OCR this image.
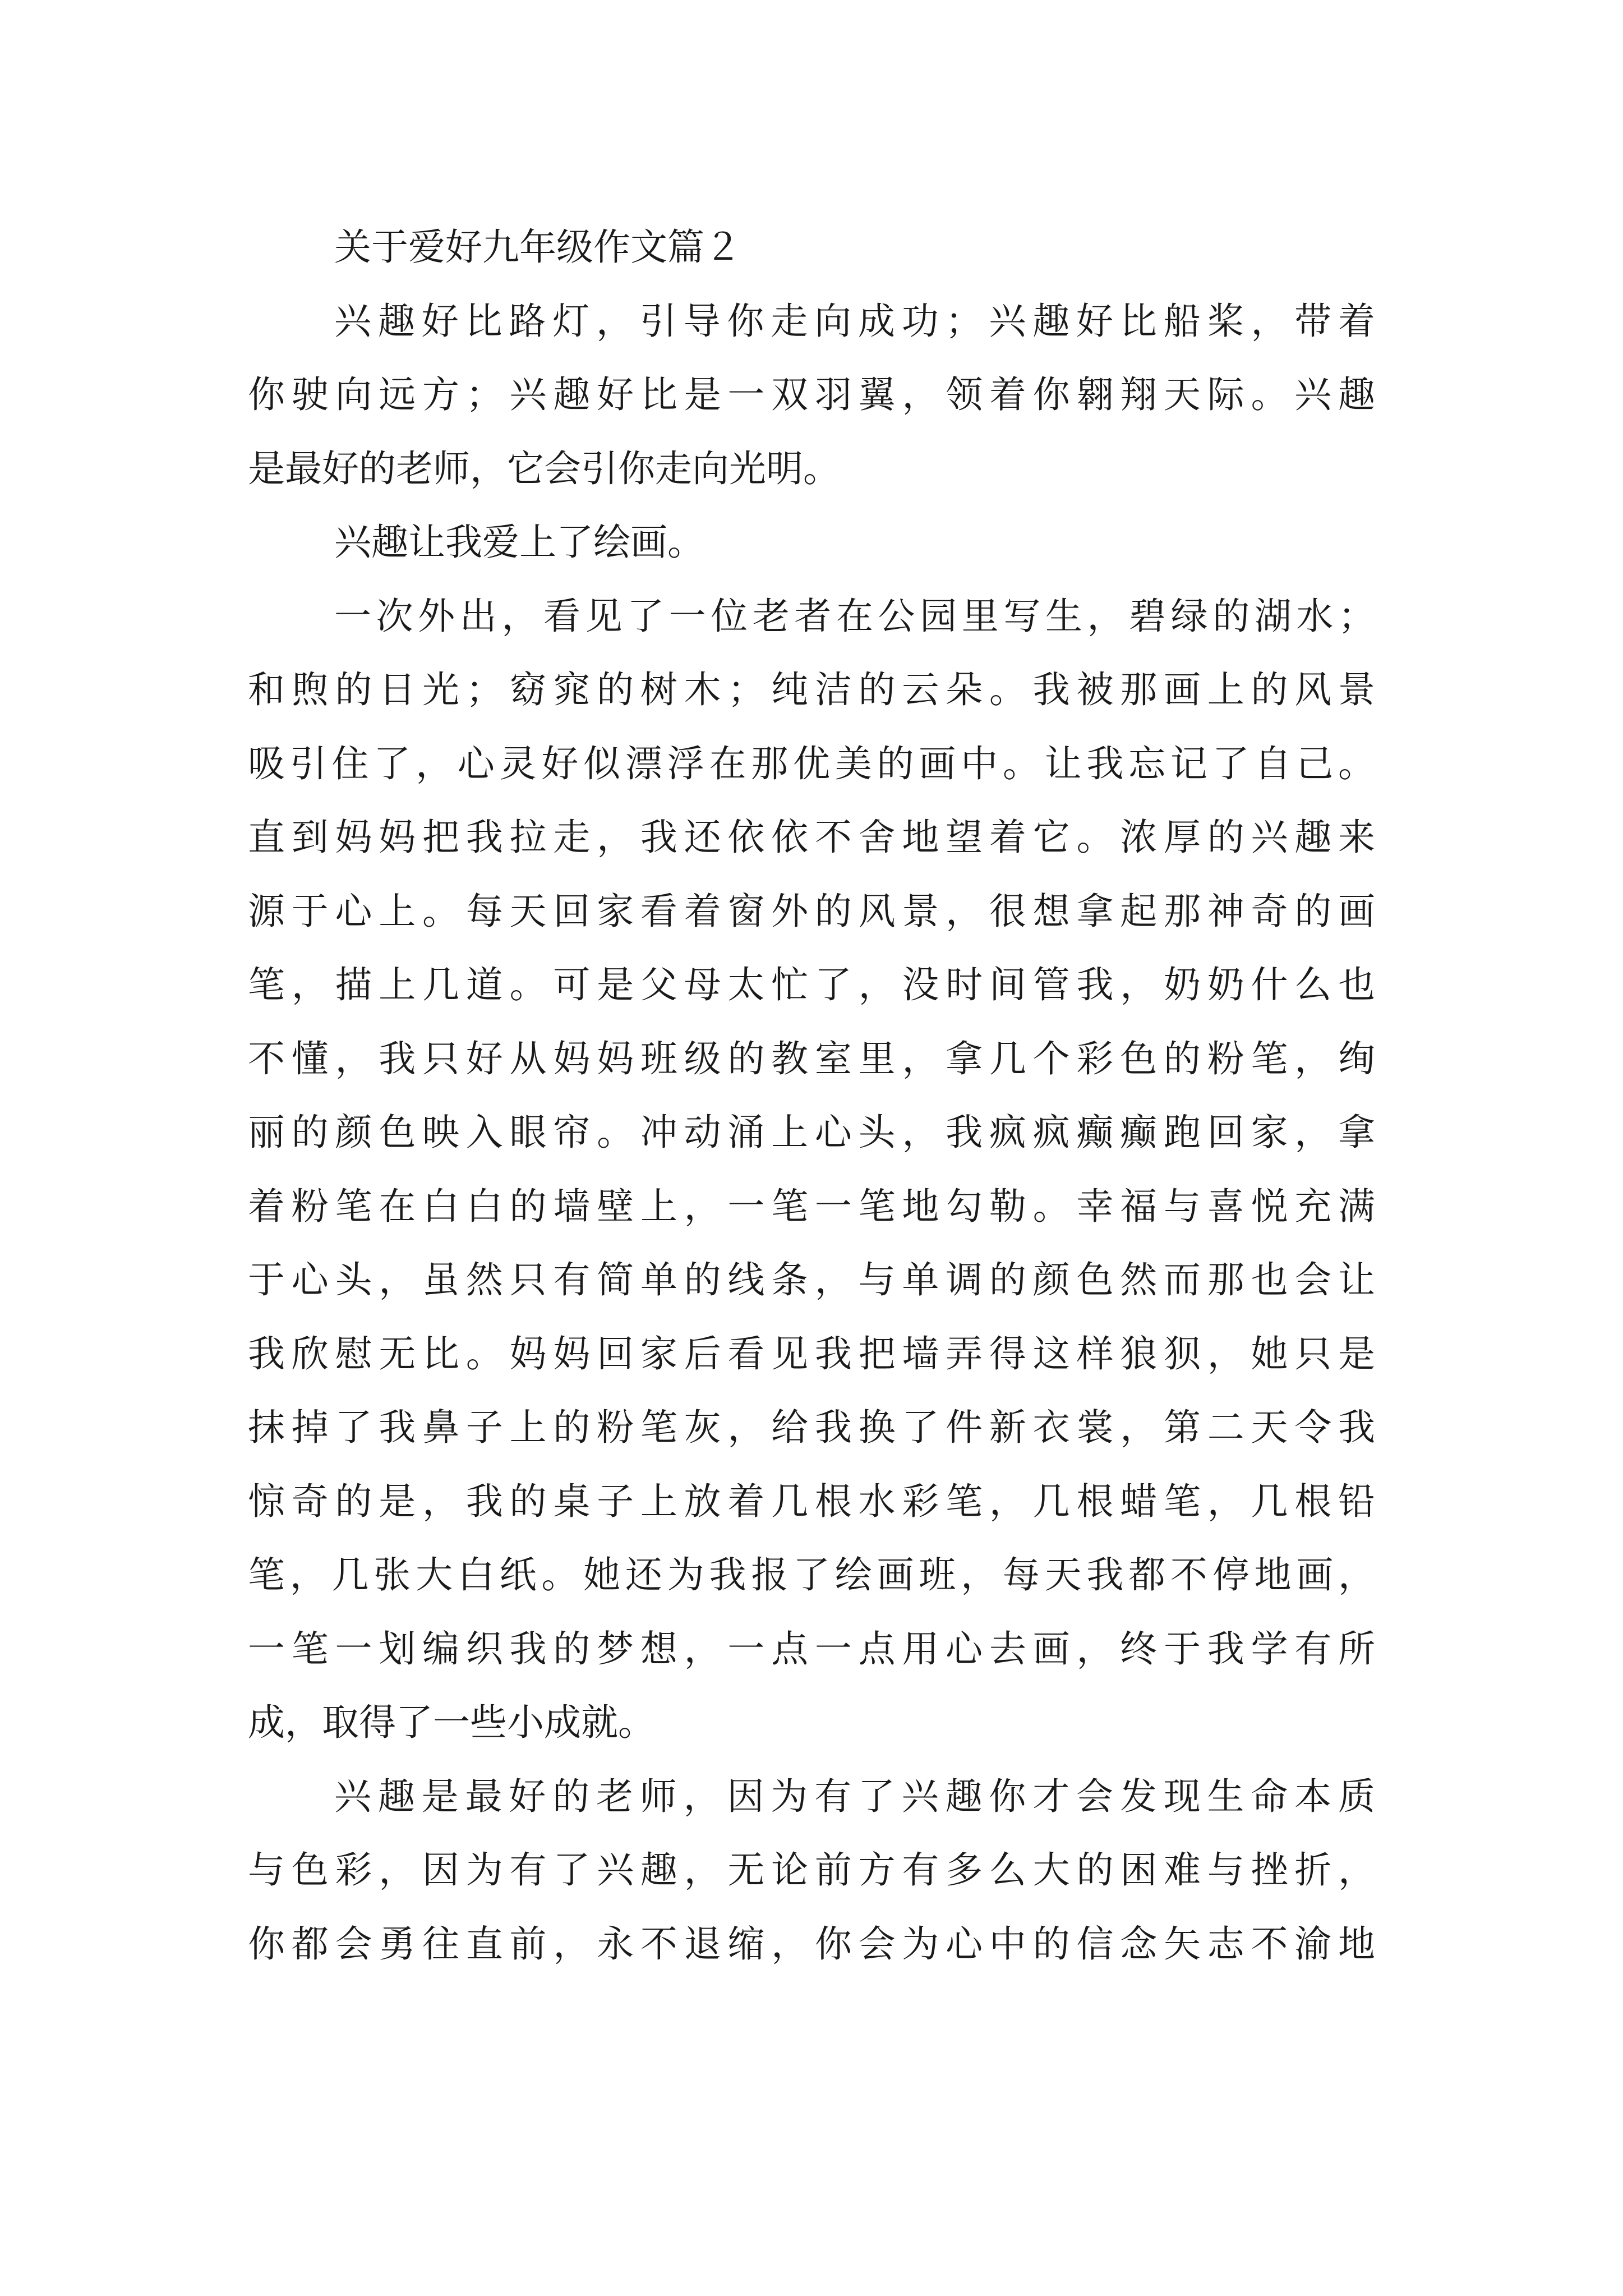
关于爱好九年级作文篇２
兴趣好比路灯，引导你走向成功；兴趣好比船桨，带着
你驶向远方；兴趣好比是一双羽翼，领着你翱翔天际。兴趣
是最好的老师，它会引你走向光明。
兴趣让我爱上了绘画。
一次外出，看见了一位老者在公园里写生，碧绿的湖水；
和煦的日光；窈窕的树木；纯洁的云朵。我被那画上的风景
吸引住了，心灵好似漂浮在那优美的画中。让我忘记了自己。
直到妈妈把我拉走，我还依依不舍地望着它。浓厚的兴趣来
源于心上。每天回家看着窗外的风景，很想拿起那神奇的画
笔，描上几道。可是父母太忙了，没时间管我，奶奶什么也
不懂，我只好从妈妈班级的教室里，拿几个彩色的粉笔，绚
丽的颜色映入眼帘。冲动涌上心头，我疯疯癫癫跑回家，拿
着粉笔在白白的墙壁上，一笔一笔地勾勒。幸福与喜悦充满
于心头，虽然只有简单的线条，与单调的颜色然而那也会让
我欣慰无比。妈妈回家后看见我把墙弄得这样狼狈，她只是
抹掉了我鼻子上的粉笔灰，给我换了件新衣裳，第二天令我
惊奇的是，我的桌子上放着几根水彩笔，几根蜡笔，几根铅
笔，几张大白纸。她还为我报了绘画班，每天我都不停地画，
一笔一划编织我的梦想，一点一点用心去画，终于我学有所
成，取得了一些小成就。
兴趣是最好的老师，因为有了兴趣你才会发现生命本质
与色彩，因为有了兴趣，无论前方有多么大的困难与挫折，
你都会勇往直前，永不退缩，你会为心中的信念矢志不渝地
